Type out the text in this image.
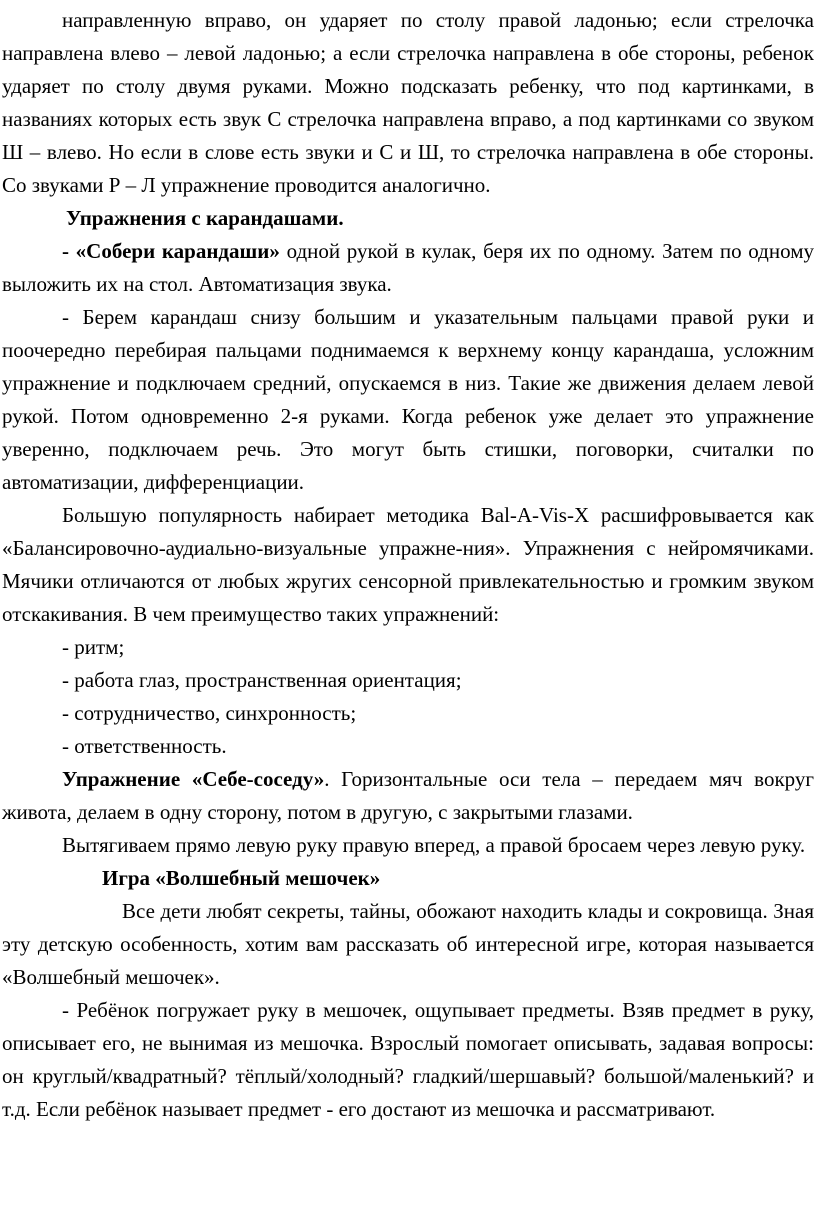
направленную вправо, он ударяет по столу правой ладонью; если стрелочка направлена влево – левой ладонью; а если стрелочка направлена в обе стороны, ребенок ударяет по столу двумя руками. Можно подсказать ребенку, что под картинками, в названиях которых есть звук С стрелочка направлена вправо, а под картинками со звуком Ш – влево. Но если в слове есть звуки и С и Ш, то стрелочка направлена в обе стороны. Со звуками Р – Л упражнение проводится аналогично.

Упражнения с карандашами.

- «Собери карандаши» одной рукой в кулак, беря их по одному. Затем по одному выложить их на стол. Автоматизация звука.

- Берем карандаш снизу большим и указательным пальцами правой руки и поочередно перебирая пальцами поднимаемся к верхнему концу карандаша, усложним упражнение и подключаем средний, опускаемся в низ. Такие же движения делаем левой рукой. Потом одновременно 2-я руками. Когда ребенок уже делает это упражнение уверенно, подключаем речь. Это могут быть стишки, поговорки, считалки по автоматизации, дифференциации.

Большую популярность набирает методика Bal-A-Vis-X расшифровывается как «Балансировочно-аудиально-визуальные упражне-ния». Упражнения с нейромячиками. Мячики отличаются от любых жругих сенсорной привлекательностью и громким звуком отскакивания. В чем преимущество таких упражнений:

- ритм;

- работа глаз, пространственная ориентация;

- сотрудничество, синхронность;

- ответственность.

Упражнение «Себе-соседу». Горизонтальные оси тела – передаем мяч вокруг живота, делаем в одну сторону, потом в другую, с закрытыми глазами.

Вытягиваем прямо левую руку правую вперед, а правой бросаем через левую руку.

Игра «Волшебный мешочек»

Все дети любят секреты, тайны, обожают находить клады и сокровища. Зная эту детскую особенность, хотим вам рассказать об интересной игре, которая называется «Волшебный мешочек».

- Ребёнок погружает руку в мешочек, ощупывает предметы. Взяв предмет в руку, описывает его, не вынимая из мешочка. Взрослый помогает описывать, задавая вопросы: он круглый/квадратный? тёплый/холодный? гладкий/шершавый? большой/маленький? и т.д. Если ребёнок называет предмет - его достают из мешочка и рассматривают.
